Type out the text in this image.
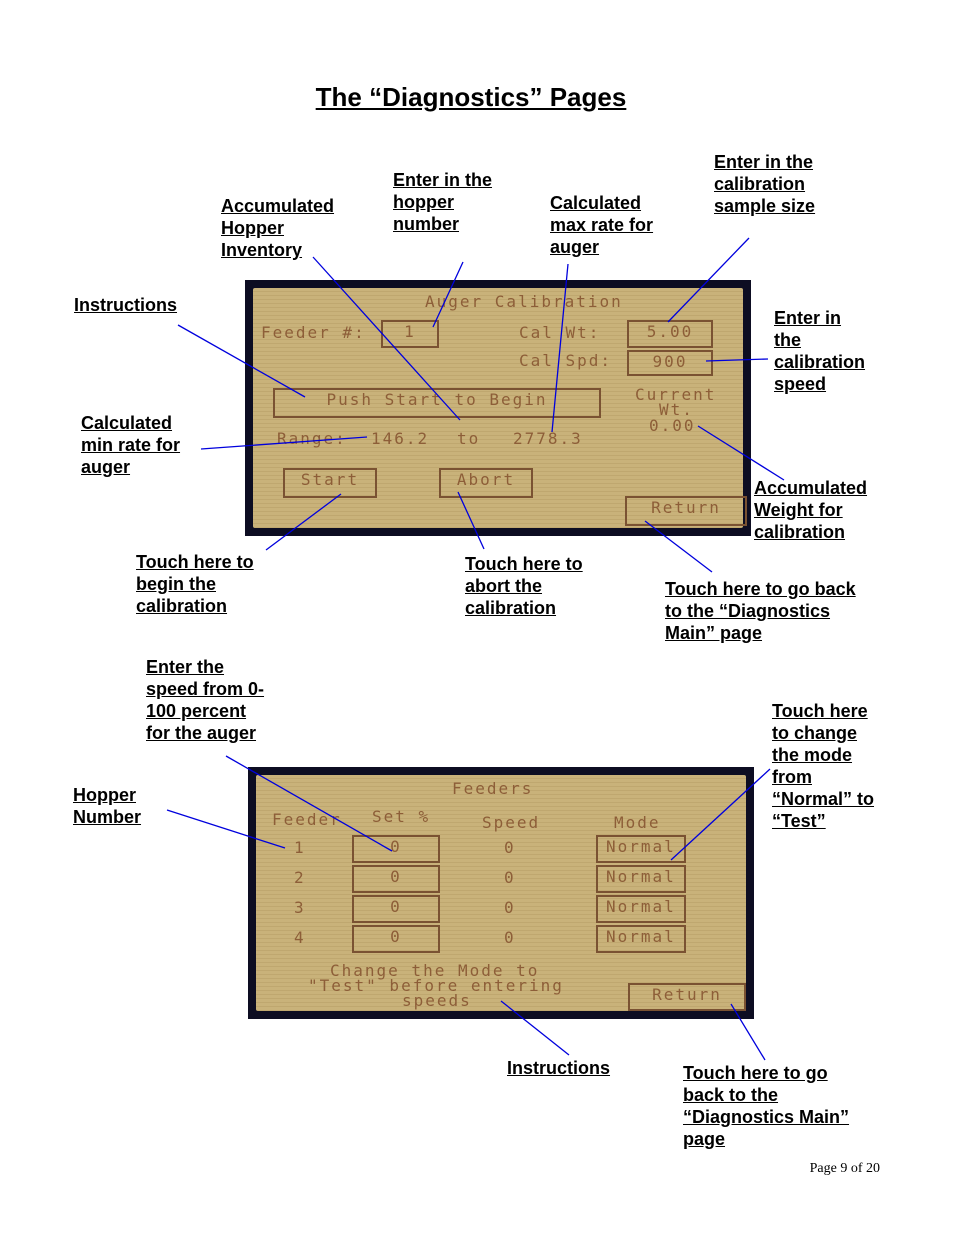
The “Diagnostics” Pages
Auger Calibration
Feeder #:	1	Cal Wt:	5.00
Cal Spd:	900
Push Start to Begin	Current
Wt.
0.00
Range: 146.2 to 2778.3
Start	Abort
Return
Feeders
Feeder Set %	Speed	Mode
1	0	0	Normal
2	0	0	Normal
3	0	0	Normal
4	0	0	Normal
Change the Mode to
"Test" before entering
speeds	Return
Accumulated
Hopper
Inventory
Enter in the
hopper
number
Calculated
max rate for
auger
Enter in the
calibration
sample size
Instructions
Enter in
the
calibration
speed
Calculated
min rate for
auger
Accumulated
Weight for
calibration
Touch here to
begin the
calibration
Touch here to
abort the
calibration
Touch here to go back
to the “Diagnostics
Main” page
Enter the
speed from 0-
100 percent
for the auger
Touch here
to change
the mode
from
“Normal” to
“Test”
Hopper
Number
Instructions	Touch here to go
back to the
“Diagnostics Main”
page
Page 9 of 20
